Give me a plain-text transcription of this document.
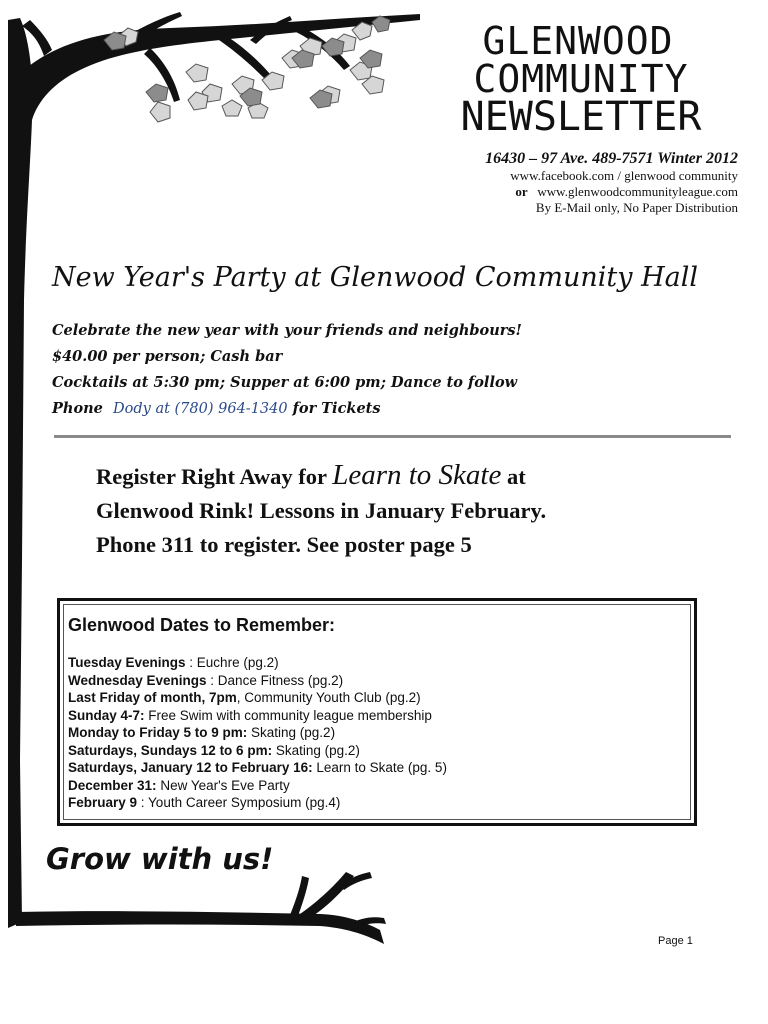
GLENWOOD
COMMUNITY
NEWSLETTER
16430 – 97 Ave. 489-7571 Winter 2012
www.facebook.com / glenwood community
or www.glenwoodcommunityleague.com
By E-Mail only, No Paper Distribution
New Year's Party at Glenwood Community Hall
Celebrate the new year with your friends and neighbours!
$40.00 per person; Cash bar
Cocktails at 5:30 pm; Supper at 6:00 pm; Dance to follow
Phone Dody at (780) 964-1340 for Tickets
Register Right Away for Learn to Skate at
Glenwood Rink! Lessons in January February.
Phone 311 to register. See poster page 5
Glenwood Dates to Remember:
Tuesday Evenings : Euchre (pg.2)
Wednesday Evenings : Dance Fitness (pg.2)
Last Friday of month, 7pm, Community Youth Club (pg.2)
Sunday 4-7: Free Swim with community league membership
Monday to Friday 5 to 9 pm: Skating (pg.2)
Saturdays, Sundays 12 to 6 pm: Skating (pg.2)
Saturdays, January 12 to February 16: Learn to Skate (pg. 5)
December 31: New Year's Eve Party
February 9 : Youth Career Symposium (pg.4)
Grow with us!
Page 1
